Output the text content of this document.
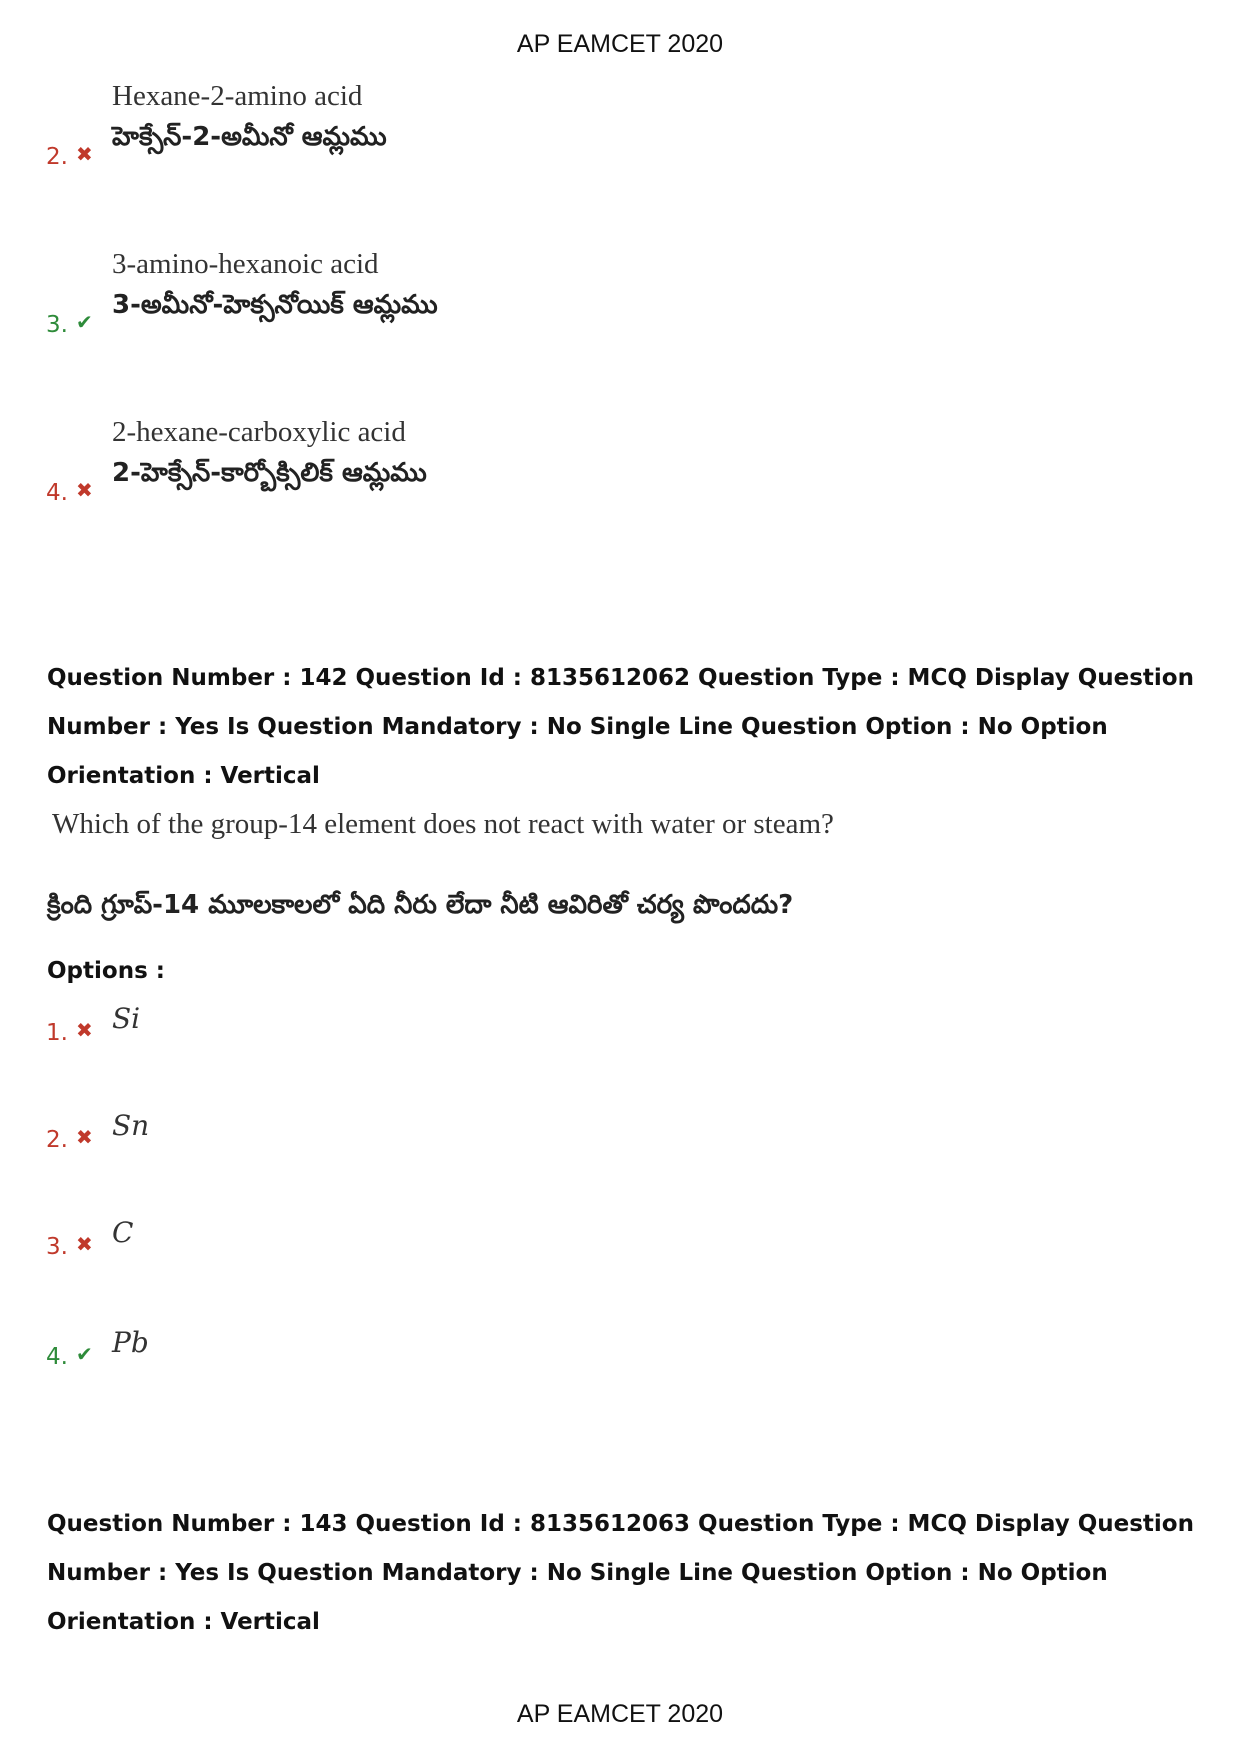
AP EAMCET 2020
Hexane-2-amino acid
హెక్సేన్-2-అమీనో ఆమ్లము
2. ✖
3-amino-hexanoic acid
3-అమీనో-హెక్సనోయిక్ ఆమ్లము
3. ✔
2-hexane-carboxylic acid
2-హెక్సేన్-కార్బోక్సిలిక్ ఆమ్లము
4. ✖
Question Number : 142 Question Id : 8135612062 Question Type : MCQ Display Question Number : Yes Is Question Mandatory : No Single Line Question Option : No Option Orientation : Vertical
Which of the group-14 element does not react with water or steam?
క్రింది గ్రూప్-14 మూలకాలలో ఏది నీరు లేదా నీటి ఆవిరితో చర్య పొందదు?
Options :
Si
1. ✖
Sn
2. ✖
C
3. ✖
Pb
4. ✔
Question Number : 143 Question Id : 8135612063 Question Type : MCQ Display Question Number : Yes Is Question Mandatory : No Single Line Question Option : No Option Orientation : Vertical
AP EAMCET 2020
